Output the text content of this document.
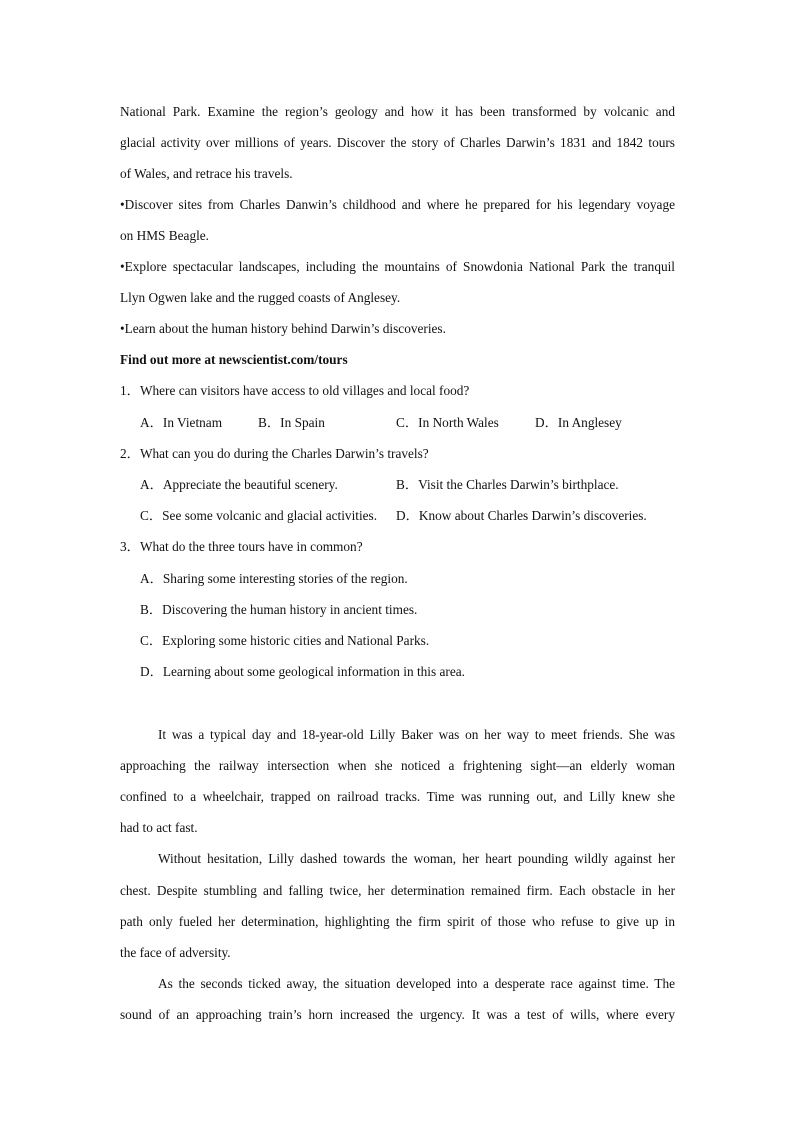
National Park. Examine the region’s geology and how it has been transformed by volcanic and
glacial activity over millions of years. Discover the story of Charles Darwin’s 1831 and 1842 tours
of Wales, and retrace his travels.
•Discover sites from Charles Danwin’s childhood and where he prepared for his legendary voyage
on HMS Beagle.
•Explore spectacular landscapes, including the mountains of Snowdonia National Park the tranquil
Llyn Ogwen lake and the rugged coasts of Anglesey.
•Learn about the human history behind Darwin’s discoveries.
Find out more at newscientist.com/tours
1．Where can visitors have access to old villages and local food?
A．In Vietnam	B．In Spain	C．In North Wales	D．In Anglesey
2．What can you do during the Charles Darwin’s travels?
A．Appreciate the beautiful scenery.	B．Visit the Charles Darwin’s birthplace.
C．See some volcanic and glacial activities. D．Know about Charles Darwin’s discoveries.
3．What do the three tours have in common?
A．Sharing some interesting stories of the region.
B．Discovering the human history in ancient times.
C．Exploring some historic cities and National Parks.
D．Learning about some geological information in this area.
It was a typical day and 18-year-old Lilly Baker was on her way to meet friends. She was
approaching the railway intersection when she noticed a frightening sight—an elderly woman
confined to a wheelchair, trapped on railroad tracks. Time was running out, and Lilly knew she
had to act fast.
Without hesitation, Lilly dashed towards the woman, her heart pounding wildly against her
chest. Despite stumbling and falling twice, her determination remained firm. Each obstacle in her
path only fueled her determination, highlighting the firm spirit of those who refuse to give up in
the face of adversity.
As the seconds ticked away, the situation developed into a desperate race against time. The
sound of an approaching train’s horn increased the urgency. It was a test of wills, where every
